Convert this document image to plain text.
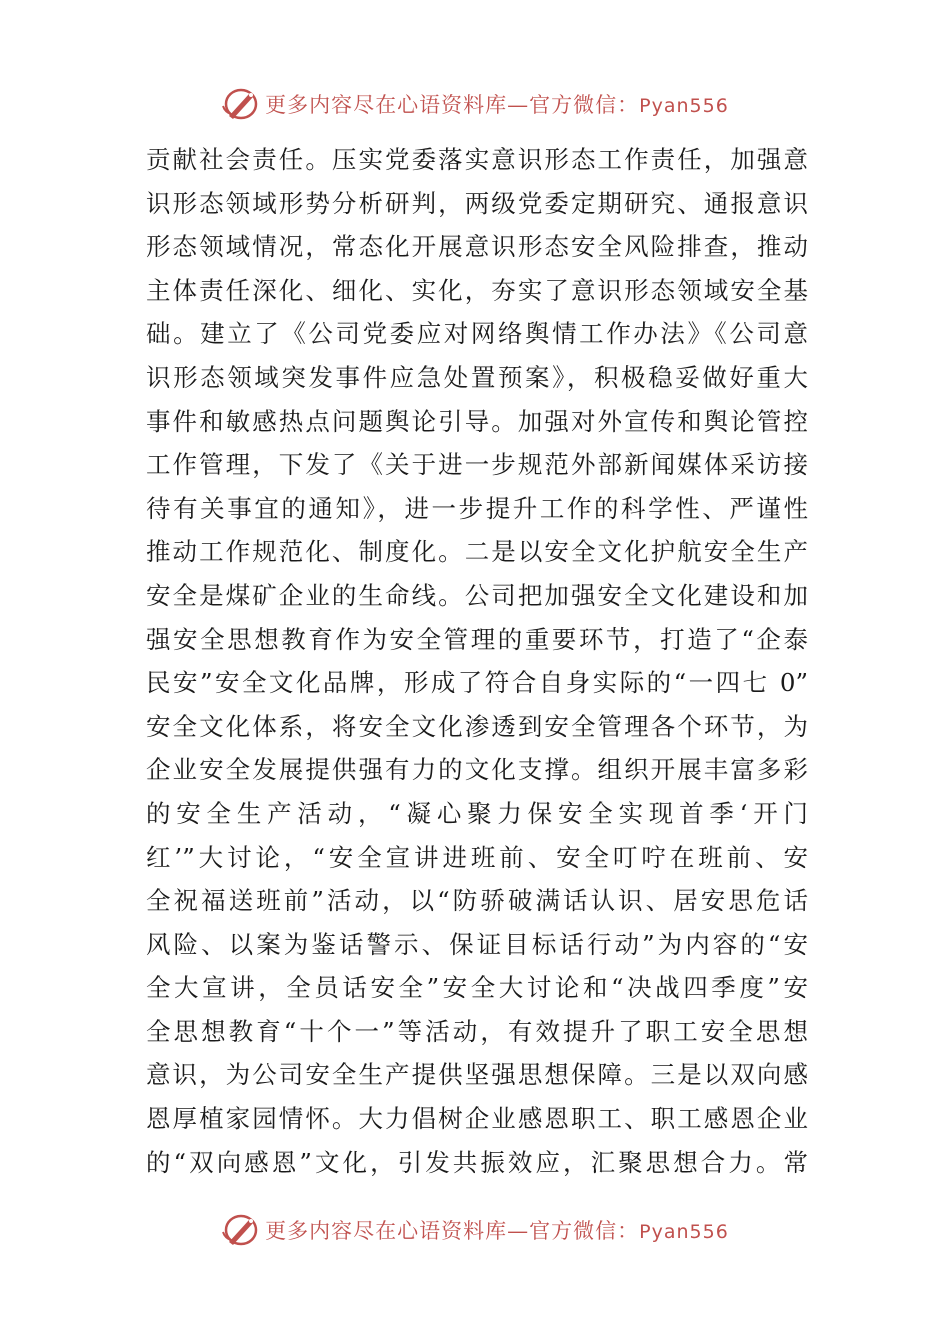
更多内容尽在心语资料库—官方微信：Pyan556
贡献社会责任。压实党委落实意识形态工作责任，加强意
识形态领域形势分析研判，两级党委定期研究、通报意识
形态领域情况，常态化开展意识形态安全风险排查，推动
主体责任深化、细化、实化，夯实了意识形态领域安全基
础。建立了《公司党委应对网络舆情工作办法》《公司意
识形态领域突发事件应急处置预案》，积极稳妥做好重大
事件和敏感热点问题舆论引导。加强对外宣传和舆论管控
工作管理，下发了《关于进一步规范外部新闻媒体采访接
待有关事宜的通知》，进一步提升工作的科学性、严谨性
推动工作规范化、制度化。二是以安全文化护航安全生产
安全是煤矿企业的生命线。公司把加强安全文化建设和加
强安全思想教育作为安全管理的重要环节，打造了“企泰
民安”安全文化品牌，形成了符合自身实际的“一四七 0”
安全文化体系，将安全文化渗透到安全管理各个环节，为
企业安全发展提供强有力的文化支撑。组织开展丰富多彩
的安全生产活动，“凝心聚力保安全实现首季‘开门
红’”大讨论，“安全宣讲进班前、安全叮咛在班前、安
全祝福送班前”活动，以“防骄破满话认识、居安思危话
风险、以案为鉴话警示、保证目标话行动”为内容的“安
全大宣讲，全员话安全”安全大讨论和“决战四季度”安
全思想教育“十个一”等活动，有效提升了职工安全思想
意识，为公司安全生产提供坚强思想保障。三是以双向感
恩厚植家园情怀。大力倡树企业感恩职工、职工感恩企业
的“双向感恩”文化，引发共振效应，汇聚思想合力。常
更多内容尽在心语资料库—官方微信：Pyan556
